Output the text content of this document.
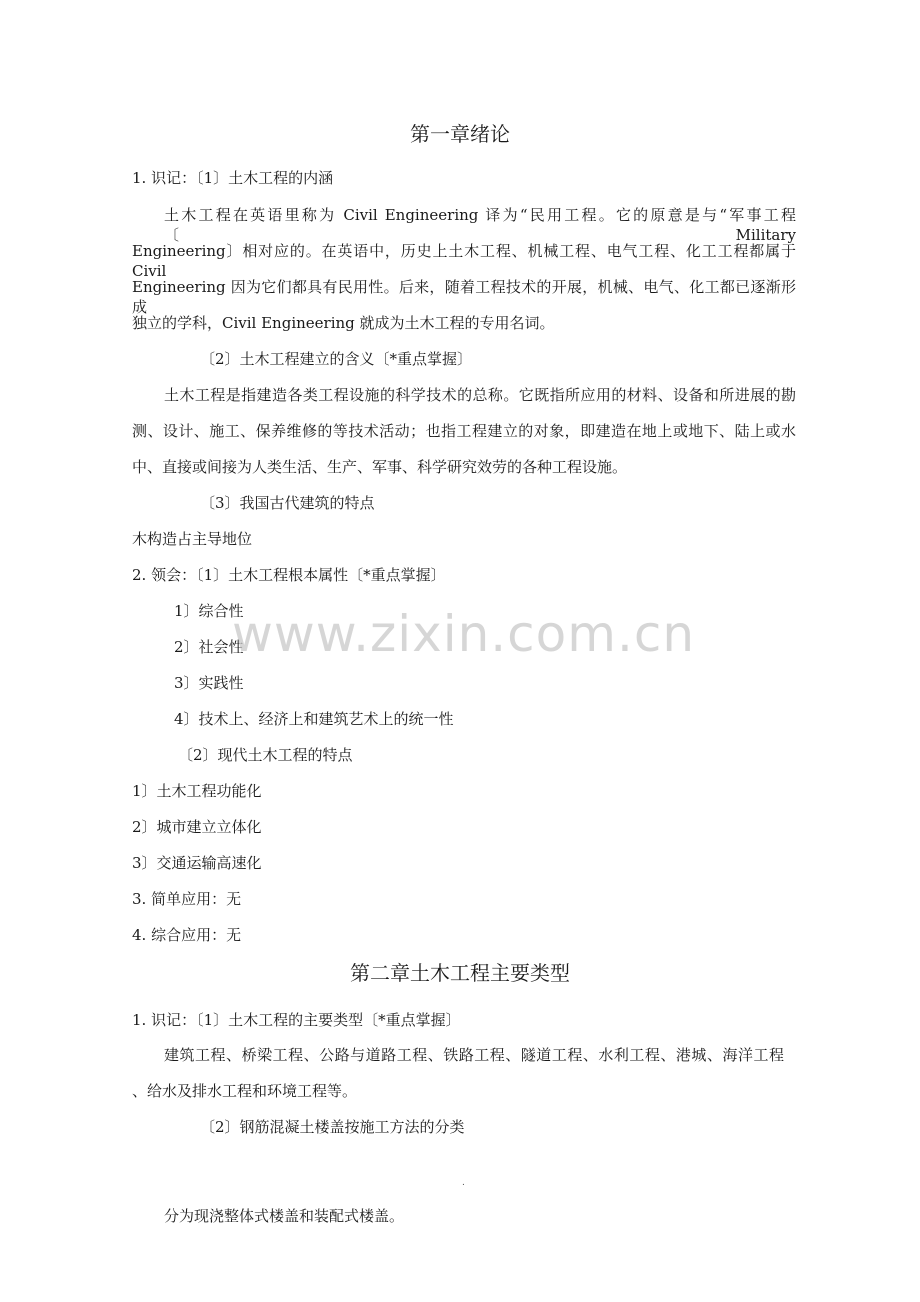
第一章绪论
1. 识记：〔1〕土木工程的内涵
土木工程在英语里称为 Civil Engineering 译为“民用工程。它的原意是与“军事工程 〔Military
Engineering〕相对应的。在英语中，历史上土木工程、机械工程、电气工程、化工工程都属于 Civil
Engineering 因为它们都具有民用性。后来，随着工程技术的开展，机械、电气、化工都已逐渐形成
独立的学科，Civil Engineering 就成为土木工程的专用名词。
〔2〕土木工程建立的含义〔*重点掌握〕
土木工程是指建造各类工程设施的科学技术的总称。它既指所应用的材料、设备和所进展的勘
测、设计、施工、保养维修的等技术活动；也指工程建立的对象，即建造在地上或地下、陆上或水
中、直接或间接为人类生活、生产、军事、科学研究效劳的各种工程设施。
〔3〕我国古代建筑的特点
木构造占主导地位
2. 领会：〔1〕土木工程根本属性〔*重点掌握〕
1〕综合性
2〕社会性
3〕实践性
4〕技术上、经济上和建筑艺术上的统一性
〔2〕现代土木工程的特点
1〕土木工程功能化
2〕城市建立立体化
3〕交通运输高速化
3. 简单应用：无
4. 综合应用：无
第二章土木工程主要类型
1. 识记：〔1〕土木工程的主要类型〔*重点掌握〕
建筑工程、桥梁工程、公路与道路工程、铁路工程、隧道工程、水利工程、港城、海洋工程
、给水及排水工程和环境工程等。
〔2〕钢筋混凝土楼盖按施工方法的分类
.
分为现浇整体式楼盖和装配式楼盖。
www.zixin.com.cn
